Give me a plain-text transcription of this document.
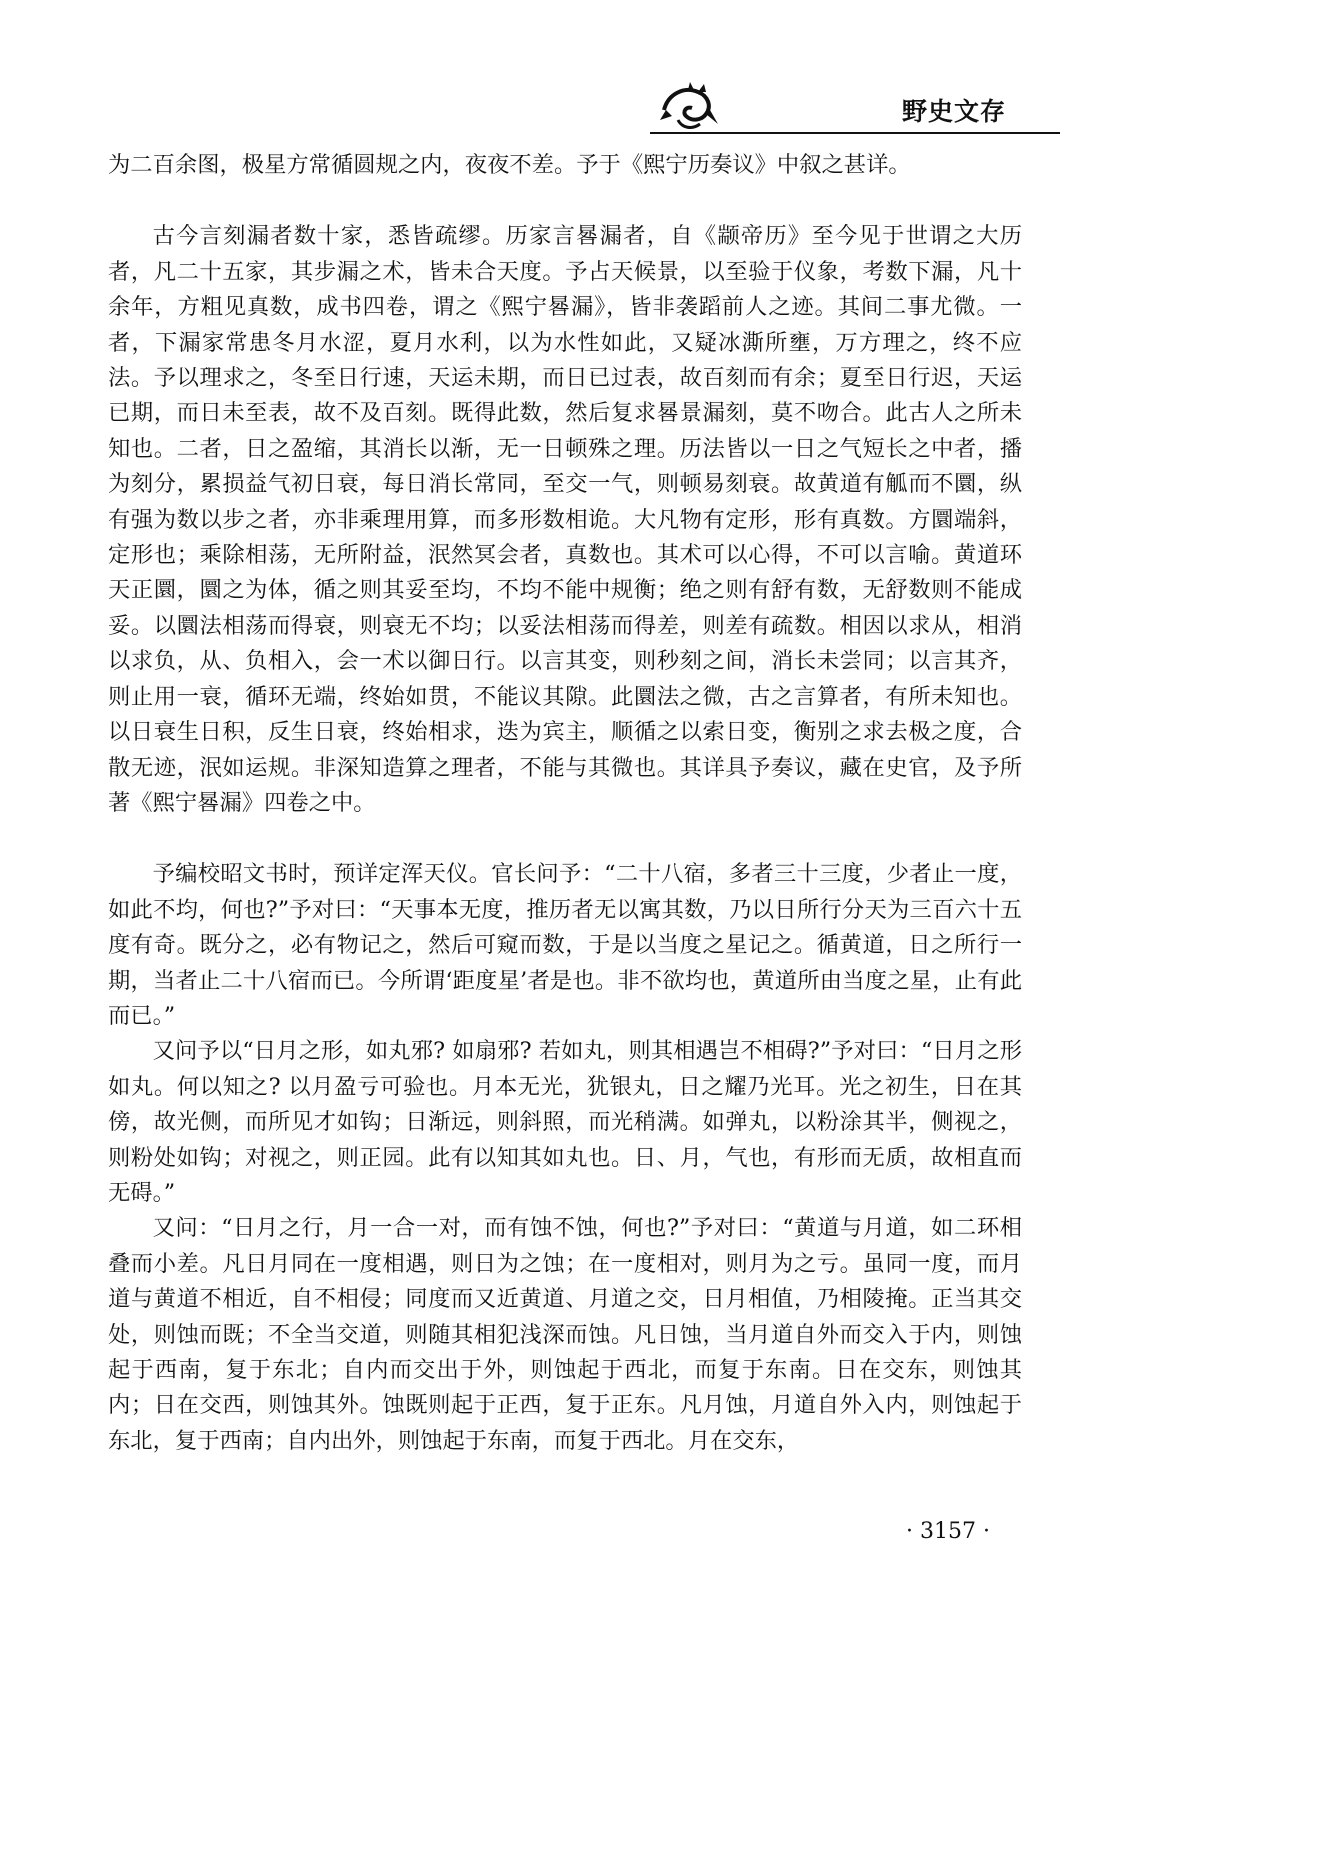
野史文存

为二百余图，极星方常循圆规之内，夜夜不差。予于《熙宁历奏议》中叙之甚详。

古今言刻漏者数十家，悉皆疏缪。历家言晷漏者，自《颛帝历》至今见于世谓之大历者，凡二十五家，其步漏之术，皆未合天度。予占天候景，以至验于仪象，考数下漏，凡十余年，方粗见真数，成书四卷，谓之《熙宁晷漏》，皆非袭蹈前人之迹。其间二事尤微。一者，下漏家常患冬月水涩，夏月水利，以为水性如此，又疑冰澌所壅，万方理之，终不应法。予以理求之，冬至日行速，天运未期，而日已过表，故百刻而有余；夏至日行迟，天运已期，而日未至表，故不及百刻。既得此数，然后复求晷景漏刻，莫不吻合。此古人之所未知也。二者，日之盈缩，其消长以渐，无一日顿殊之理。历法皆以一日之气短长之中者，播为刻分，累损益气初日衰，每日消长常同，至交一气，则顿易刻衰。故黄道有觚而不圜，纵有强为数以步之者，亦非乘理用算，而多形数相诡。大凡物有定形，形有真数。方圜端斜，定形也；乘除相荡，无所附益，泯然冥会者，真数也。其术可以心得，不可以言喻。黄道环天正圜，圜之为体，循之则其妥至均，不均不能中规衡；绝之则有舒有数，无舒数则不能成妥。以圜法相荡而得衰，则衰无不均；以妥法相荡而得差，则差有疏数。相因以求从，相消以求负，从、负相入，会一术以御日行。以言其变，则秒刻之间，消长未尝同；以言其齐，则止用一衰，循环无端，终始如贯，不能议其隙。此圜法之微，古之言算者，有所未知也。以日衰生日积，反生日衰，终始相求，迭为宾主，顺循之以索日变，衡别之求去极之度，合散无迹，泯如运规。非深知造算之理者，不能与其微也。其详具予奏议，藏在史官，及予所著《熙宁晷漏》四卷之中。

予编校昭文书时，预详定浑天仪。官长问予：“二十八宿，多者三十三度，少者止一度，如此不均，何也?”予对曰：“天事本无度，推历者无以寓其数，乃以日所行分天为三百六十五度有奇。既分之，必有物记之，然后可窥而数，于是以当度之星记之。循黄道，日之所行一期，当者止二十八宿而已。今所谓‘距度星’者是也。非不欲均也，黄道所由当度之星，止有此而已。”

又问予以“日月之形，如丸邪? 如扇邪? 若如丸，则其相遇岂不相碍?”予对曰：“日月之形如丸。何以知之? 以月盈亏可验也。月本无光，犹银丸，日之耀乃光耳。光之初生，日在其傍，故光侧，而所见才如钩；日渐远，则斜照，而光稍满。如弹丸，以粉涂其半，侧视之，则粉处如钩；对视之，则正园。此有以知其如丸也。日、月，气也，有形而无质，故相直而无碍。”

又问：“日月之行，月一合一对，而有蚀不蚀，何也?”予对曰：“黄道与月道，如二环相叠而小差。凡日月同在一度相遇，则日为之蚀；在一度相对，则月为之亏。虽同一度，而月道与黄道不相近，自不相侵；同度而又近黄道、月道之交，日月相值，乃相陵掩。正当其交处，则蚀而既；不全当交道，则随其相犯浅深而蚀。凡日蚀，当月道自外而交入于内，则蚀起于西南，复于东北；自内而交出于外，则蚀起于西北，而复于东南。日在交东，则蚀其内；日在交西，则蚀其外。蚀既则起于正西，复于正东。凡月蚀，月道自外入内，则蚀起于东北，复于西南；自内出外，则蚀起于东南，而复于西北。月在交东，

· 3157 ·
